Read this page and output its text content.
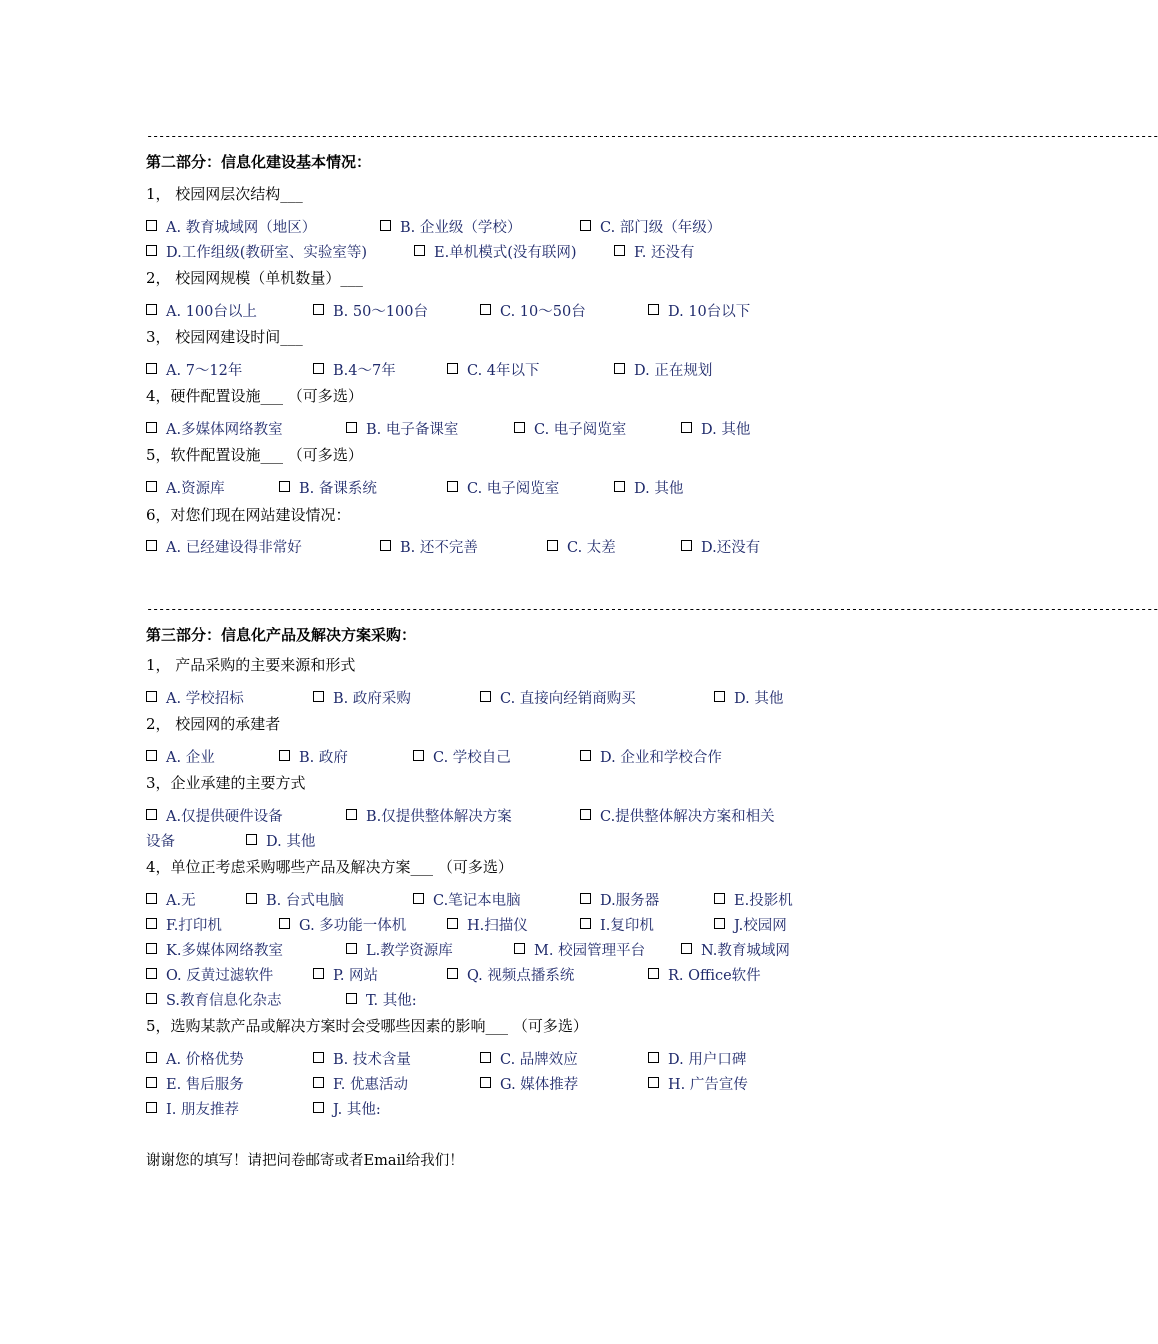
------------------------------------------------------------------------------------------------------------------------------------------------------------------------
第二部分：信息化建设基本情况：
1， 校园网层次结构___
A. 教育城域网（地区）	B. 企业级（学校）	C. 部门级（年级）
D.工作组级(教研室、实验室等)	E.单机模式(没有联网)	F. 还没有
2， 校园网规模（单机数量）___
A. 100台以上	B. 50～100台	C. 10～50台	D. 10台以下
3， 校园网建设时间___
A. 7～12年	B.4～7年	C. 4年以下	D. 正在规划
4，硬件配置设施___ （可多选）
A.多媒体网络教室	B. 电子备课室	C. 电子阅览室	D. 其他
5，软件配置设施___ （可多选）
A.资源库	B. 备课系统	C. 电子阅览室	D. 其他
6，对您们现在网站建设情况：
A. 已经建设得非常好	B. 还不完善	C. 太差	D.还没有
------------------------------------------------------------------------------------------------------------------------------------------------------------------------
第三部分：信息化产品及解决方案采购：
1， 产品采购的主要来源和形式
A. 学校招标	B. 政府采购	C. 直接向经销商购买	D. 其他
2， 校园网的承建者
A. 企业	B. 政府	C. 学校自己	D. 企业和学校合作
3，企业承建的主要方式
A.仅提供硬件设备	B.仅提供整体解决方案	C.提供整体解决方案和相关
设备	D. 其他
4，单位正考虑采购哪些产品及解决方案___ （可多选）
A.无	B. 台式电脑	C.笔记本电脑	D.服务器	E.投影机
F.打印机	G. 多功能一体机	H.扫描仪	I.复印机	J.校园网
K.多媒体网络教室	L.教学资源库	M. 校园管理平台	N.教育城域网
O. 反黄过滤软件	P. 网站	Q. 视频点播系统	R. Office软件
S.教育信息化杂志	T. 其他:
5，选购某款产品或解决方案时会受哪些因素的影响___ （可多选）
A. 价格优势	B. 技术含量	C. 品牌效应	D. 用户口碑
E. 售后服务	F. 优惠活动	G. 媒体推荐	H. 广告宣传
I. 朋友推荐	J. 其他:
谢谢您的填写！请把问卷邮寄或者Email给我们！
